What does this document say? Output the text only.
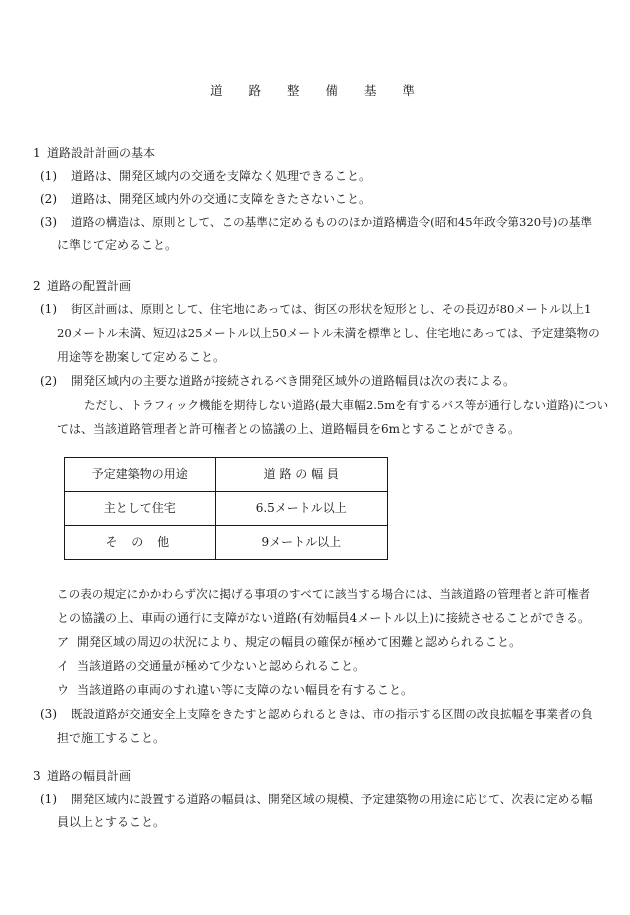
道 路 整 備 基 準
1 道路設計計画の基本
(1) 道路は、開発区域内の交通を支障なく処理できること。
(2) 道路は、開発区域内外の交通に支障をきたさないこと。
(3) 道路の構造は、原則として、この基準に定めるもののほか道路構造令(昭和45年政令第320号)の基準
に準じて定めること。
2 道路の配置計画
(1) 街区計画は、原則として、住宅地にあっては、街区の形状を短形とし、その長辺が80メートル以上1
20メートル未満、短辺は25メートル以上50メートル未満を標準とし、住宅地にあっては、予定建築物の
用途等を勘案して定めること。
(2) 開発区域内の主要な道路が接続されるべき開発区域外の道路幅員は次の表による。
ただし、トラフィック機能を期待しない道路(最大車幅2.5mを有するバス等が通行しない道路)につい
ては、当該道路管理者と許可権者との協議の上、道路幅員を6mとすることができる。
予定建築物の用途	道 路 の 幅 員
主として住宅	6.5メートル以上
そ の 他	9メートル以上
この表の規定にかかわらず次に掲げる事項のすべてに該当する場合には、当該道路の管理者と許可権者
との協議の上、車両の通行に支障がない道路(有効幅員4メートル以上)に接続させることができる。
ア 開発区域の周辺の状況により、規定の幅員の確保が極めて困難と認められること。
イ 当該道路の交通量が極めて少ないと認められること。
ウ 当該道路の車両のすれ違い等に支障のない幅員を有すること。
(3) 既設道路が交通安全上支障をきたすと認められるときは、市の指示する区間の改良拡幅を事業者の負
担で施工すること。
3 道路の幅員計画
(1) 開発区域内に設置する道路の幅員は、開発区域の規模、予定建築物の用途に応じて、次表に定める幅
員以上とすること。
